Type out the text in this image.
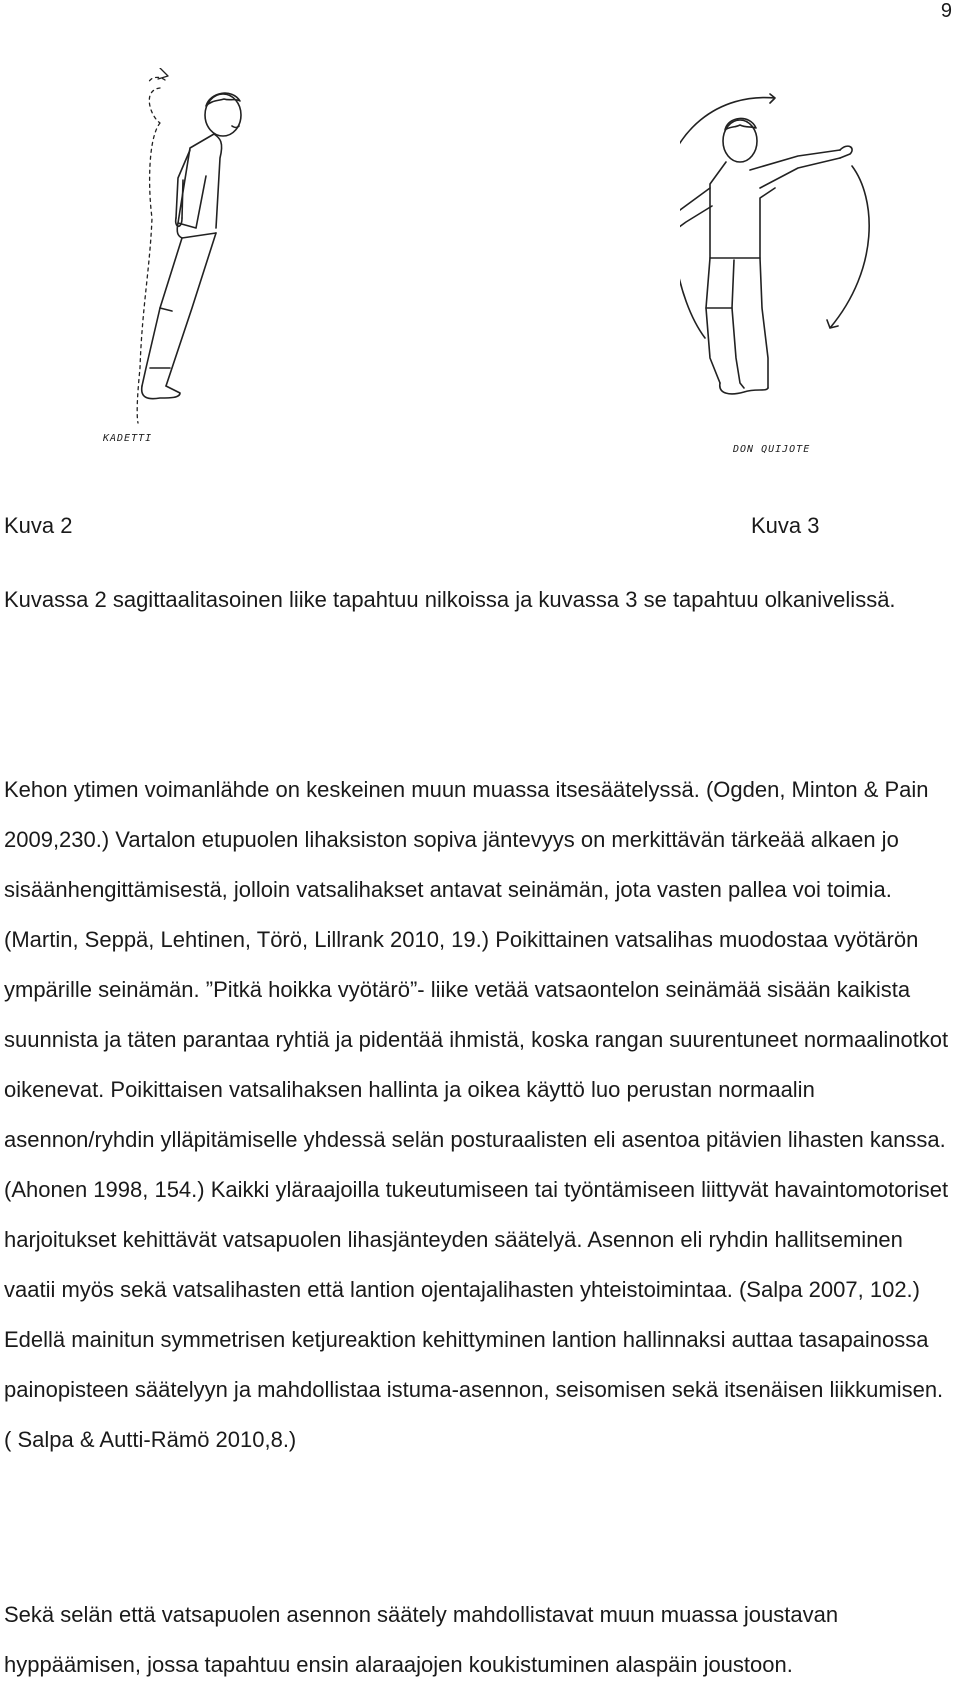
9
KADETTI
DON QUIJOTE
Kuva 2	Kuva 3

Kuvassa 2 sagittaalitasoinen liike tapahtuu nilkoissa ja kuvassa 3 se tapahtuu olkanivelissä.

Kehon ytimen voimanlähde on keskeinen muun muassa itsesäätelyssä. (Ogden, Minton & Pain 2009,230.) Vartalon etupuolen lihaksiston sopiva jäntevyys on merkittävän tärkeää alkaen jo sisäänhengittämisestä, jolloin vatsalihakset antavat seinämän, jota vasten pallea voi toimia. (Martin, Seppä, Lehtinen, Törö, Lillrank 2010, 19.) Poikittainen vatsalihas muodostaa vyötärön ympärille seinämän. ”Pitkä hoikka vyötärö”- liike vetää vatsaontelon seinämää sisään kaikista suunnista ja täten parantaa ryhtiä ja pidentää ihmistä, koska rangan suurentuneet normaalinotkot oikenevat. Poikittaisen vatsalihaksen hallinta ja oikea käyttö luo perustan normaalin asennon/ryhdin ylläpitämiselle yhdessä selän posturaalisten eli asentoa pitävien lihasten kanssa. (Ahonen 1998, 154.) Kaikki yläraajoilla tukeutumiseen tai työntämiseen liittyvät havaintomotoriset harjoitukset kehittävät vatsapuolen lihasjänteyden säätelyä. Asennon eli ryhdin hallitseminen vaatii myös sekä vatsalihasten että lantion ojentajalihasten yhteistoimintaa. (Salpa 2007, 102.) Edellä mainitun symmetrisen ketjureaktion kehittyminen lantion hallinnaksi auttaa tasapainossa painopisteen säätelyyn ja mahdollistaa istuma-asennon, seisomisen sekä itsenäisen liikkumisen. ( Salpa & Autti-Rämö 2010,8.)

Sekä selän että vatsapuolen asennon säätely mahdollistavat muun muassa joustavan hyppäämisen, jossa tapahtuu ensin alaraajojen koukistuminen alaspäin joustoon.
